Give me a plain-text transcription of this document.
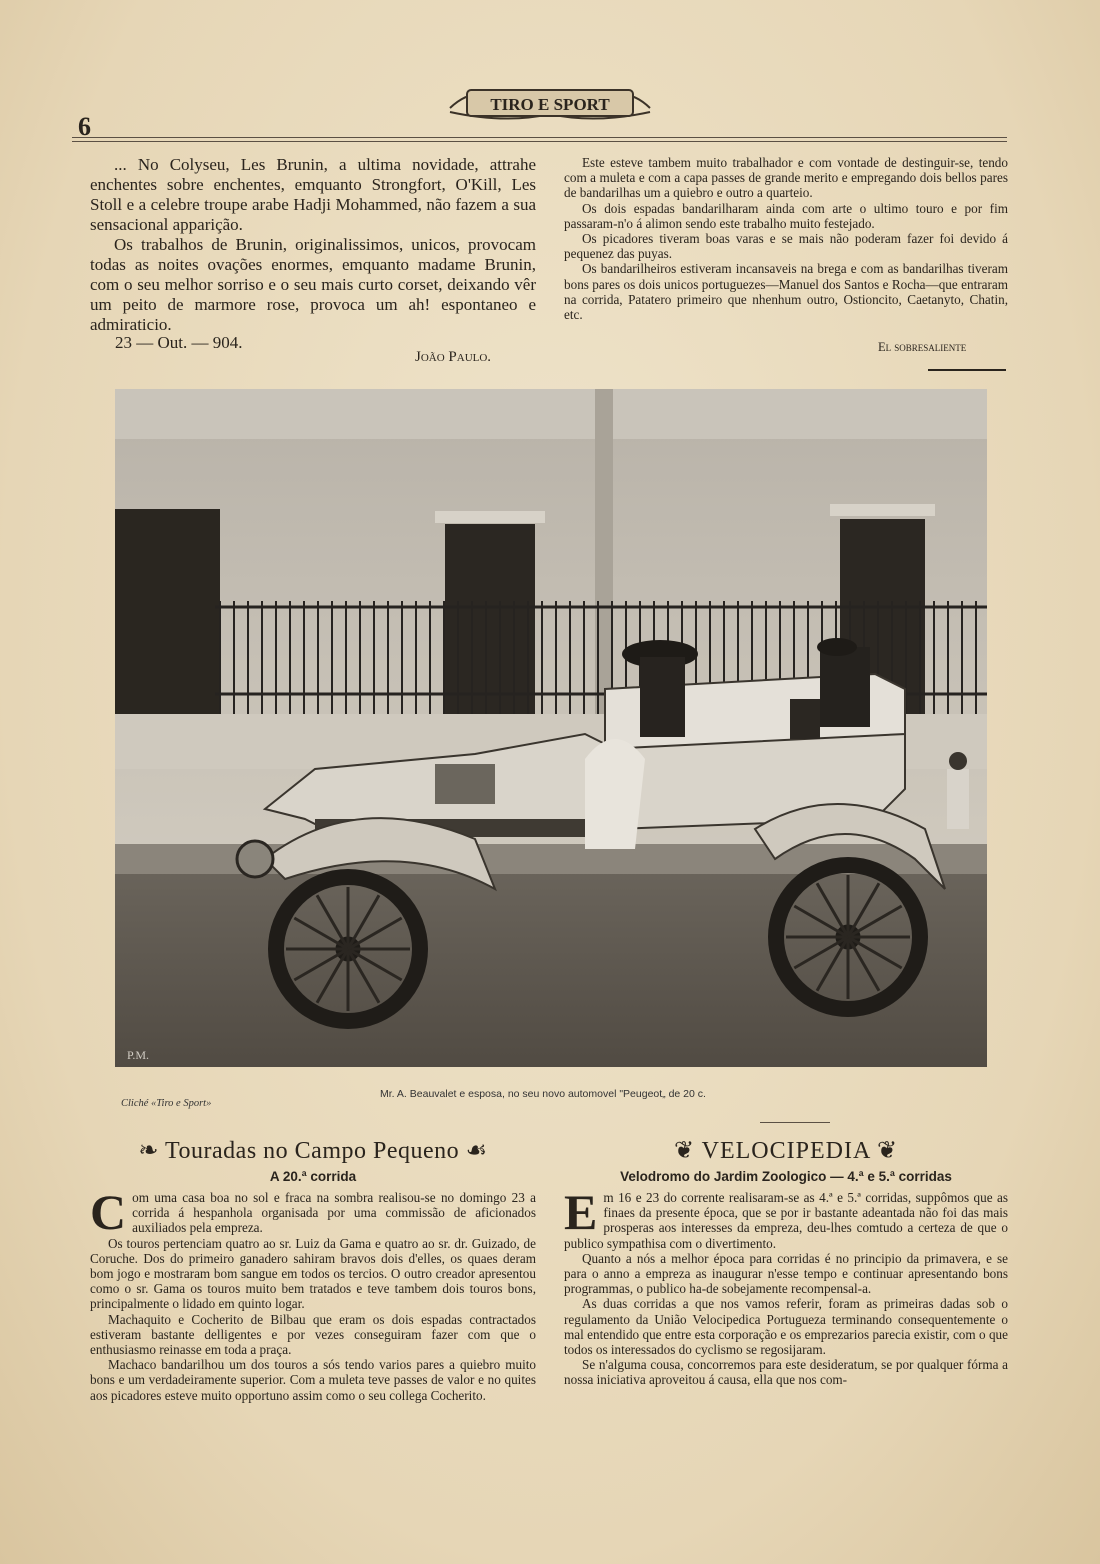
6
TIRO E SPORT

... No Colyseu, Les Brunin, a ultima novidade, attrahe enchentes sobre enchentes, emquanto Strongfort, O'Kill, Les Stoll e a celebre troupe arabe Hadji Mohammed, não fazem a sua sensacional apparição.

Os trabalhos de Brunin, originalissimos, unicos, provocam todas as noites ovações enormes, emquanto madame Brunin, com o seu melhor sorriso e o seu mais curto corset, deixando vêr um peito de marmore rose, provoca um ah! espontaneo e admiraticio.

23 — Out. — 904.
João Paulo.

Este esteve tambem muito trabalhador e com vontade de destinguir-se, tendo com a muleta e com a capa passes de grande merito e empregando dois bellos pares de bandarilhas um a quiebro e outro a quarteio.

Os dois espadas bandarilharam ainda com arte o ultimo touro e por fim passaram-n'o á alimon sendo este trabalho muito festejado.

Os picadores tiveram boas varas e se mais não poderam fazer foi devido á pequenez das puyas.

Os bandarilheiros estiveram incansaveis na brega e com as bandarilhas tiveram bons pares os dois unicos portuguezes—Manuel dos Santos e Rocha—que entraram na corrida, Patatero primeiro que nhenhum outro, Ostioncito, Caetanyto, Chatin, etc.

El sobresaliente
P.M.
Cliché «Tiro e Sport»
Mr. A. Beauvalet e esposa, no seu novo automovel "Peugeot„ de 20 c.
❧ Touradas no Campo Pequeno ☙
A 20.ª corrida
C om uma casa boa no sol e fraca na sombra realisou-se no domingo 23 a corrida á hespanhola organisada por uma commissão de aficionados auxiliados pela empreza.

Os touros pertenciam quatro ao sr. Luiz da Gama e quatro ao sr. dr. Guizado, de Coruche. Dos do primeiro ganadero sahiram bravos dois d'elles, os quaes deram bom jogo e mostraram bom sangue em todos os tercios. O outro creador apresentou como o sr. Gama os touros muito bem tratados e teve tambem dois touros bons, principalmente o lidado em quinto logar.

Machaquito e Cocherito de Bilbau que eram os dois espadas contractados estiveram bastante delligentes e por vezes conseguiram fazer com que o enthusiasmo reinasse em toda a praça.

Machaco bandarilhou um dos touros a sós tendo varios pares a quiebro muito bons e um verdadeiramente superior. Com a muleta teve passes de valor e no quites aos picadores esteve muito opportuno assim como o seu collega Cocherito.

❦ VELOCIPEDIA ❦
Velodromo do Jardim Zoologico — 4.ª e 5.ª corridas
E m 16 e 23 do corrente realisaram-se as 4.ª e 5.ª corridas, suppômos que as finaes da presente época, que se por ir bastante adeantada não foi das mais prosperas aos interesses da empreza, deu-lhes comtudo a certeza de que o publico sympathisa com o divertimento.

Quanto a nós a melhor época para corridas é no principio da primavera, e se para o anno a empreza as inaugurar n'esse tempo e continuar apresentando bons programmas, o publico ha-de sobejamente recompensal-a.

As duas corridas a que nos vamos referir, foram as primeiras dadas sob o regulamento da União Velocipedica Portugueza terminando consequentemente o mal entendido que entre esta corporação e os emprezarios parecia existir, com o que todos os interessados do cyclismo se regosijaram.

Se n'alguma cousa, concorremos para este desideratum, se por qualquer fórma a nossa iniciativa aproveitou á causa, ella que nos com-
